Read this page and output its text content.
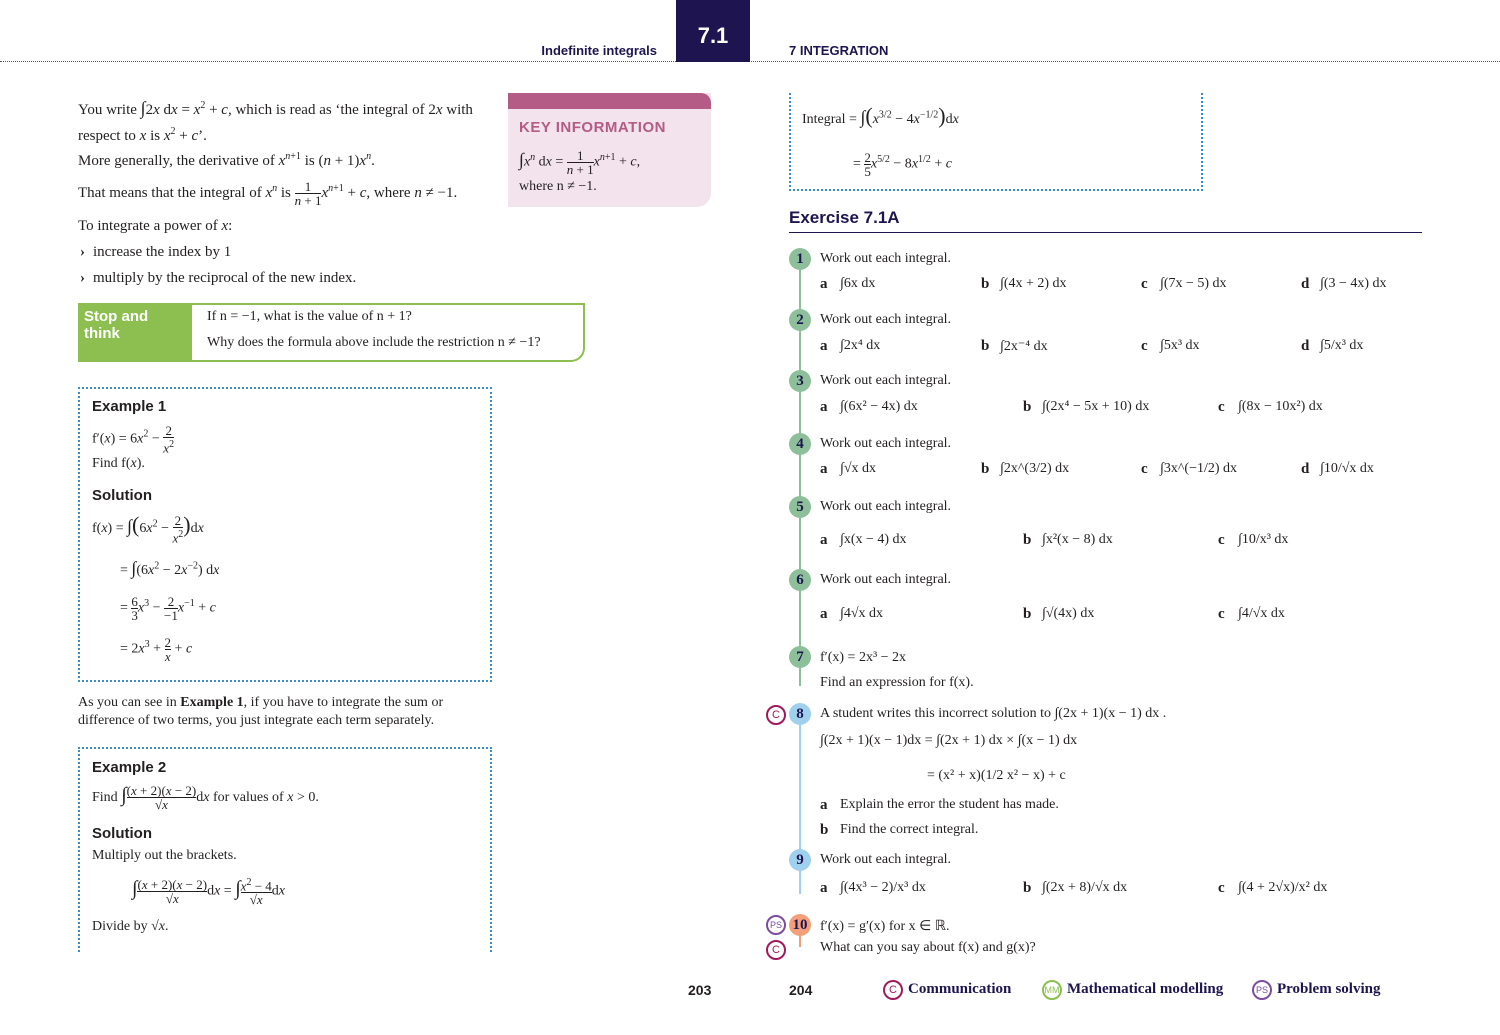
Indefinite integrals
7.1
7 INTEGRATION
You write ∫2x dx = $x^2 + c$, which is read as ‘the integral of 2x with
respect to x is $x^2 + c$’.
More generally, the derivative of $x^{n+1}$ is $(n + 1)x^n$.
That means that the integral of $x^n$ is $\frac{1}{n + 1} x^{n+1} + c$, where n ≠ −1.
To integrate a power of x:
› increase the index by 1
› multiply by the reciprocal of the new index.
KEY INFORMATION
$\int x^n$ dx = $\frac{1}{n + 1} x^{n+1} + c$,
where n ≠ −1.
Stop and think
If n = −1, what is the value of n + 1?
Why does the formula above include the restriction n ≠ −1?
Example 1
$f'(x) = 6x^2 - \frac{2}{x^2}$
Find f(x).
Solution
$f(x) = \int(6x^2 - \frac{2}{x^2} )dx$
= $\int(6x^2 - 2x^{-2})$ dx
= $\frac{6}{3} x^3 - \frac{2}{-1} x^{-1} + c$
= $2x^3 + \frac{2}{x} + c$
As you can see in Example 1, if you have to integrate the sum or
difference of two terms, you just integrate each term separately.
Example 2
Find ∫ $\frac{(x + 2)(x - 2)}{√x}$ dx for values of x > 0.
Solution
Multiply out the brackets.
∫ $\frac{(x + 2)(x - 2)}{√x}$ dx = ∫ $\frac{x^2 - 4}{√x}$ dx
Divide by √x.
Integral = $\int(x^{3/2} - 4x^{-1/2})dx$
= $\frac{2}{5} x^{5/2} - 8x^{1/2} + c$
Exercise 7.1A
1	Work out each integral.
a ∫6x dx	b ∫(4x + 2) dx	c ∫(7x − 5) dx	d ∫(3 − 4x) dx
2	Work out each integral.
a ∫2x⁴ dx	b ∫2x⁻⁴ dx	c ∫5x³ dx	d ∫5/x³ dx
3	Work out each integral.
a ∫(6x² − 4x) dx	b ∫(2x⁴ − 5x + 10) dx	c ∫(8x − 10x²) dx
4	Work out each integral.
a ∫√x dx	b ∫2x^(3/2) dx	c ∫3x^(−1/2) dx	d ∫10/√x dx
5	Work out each integral.
a ∫x(x − 4) dx	b ∫x²(x − 8) dx	c ∫10/x³ dx
6	Work out each integral.
a ∫4√x dx	b ∫√(4x) dx	c ∫4/√x dx
7	f′(x) = 2x³ − 2x
Find an expression for f(x).
C	8	A student writes this incorrect solution to ∫(2x + 1)(x − 1) dx .
∫(2x + 1)(x − 1)dx = ∫(2x + 1) dx × ∫(x − 1) dx
= (x² + x)(1/2 x² − x) + c
a Explain the error the student has made.
b Find the correct integral.
9	Work out each integral.
a ∫(4x³ − 2)/x³ dx	b ∫(2x + 8)/√x dx	c ∫(4 + 2√x)/x² dx
PS
C
10 f′(x) = g′(x) for x ∈ ℝ.
What can you say about f(x) and g(x)?
203	204	C Communication	MM Mathematical modelling	PS Problem solving
